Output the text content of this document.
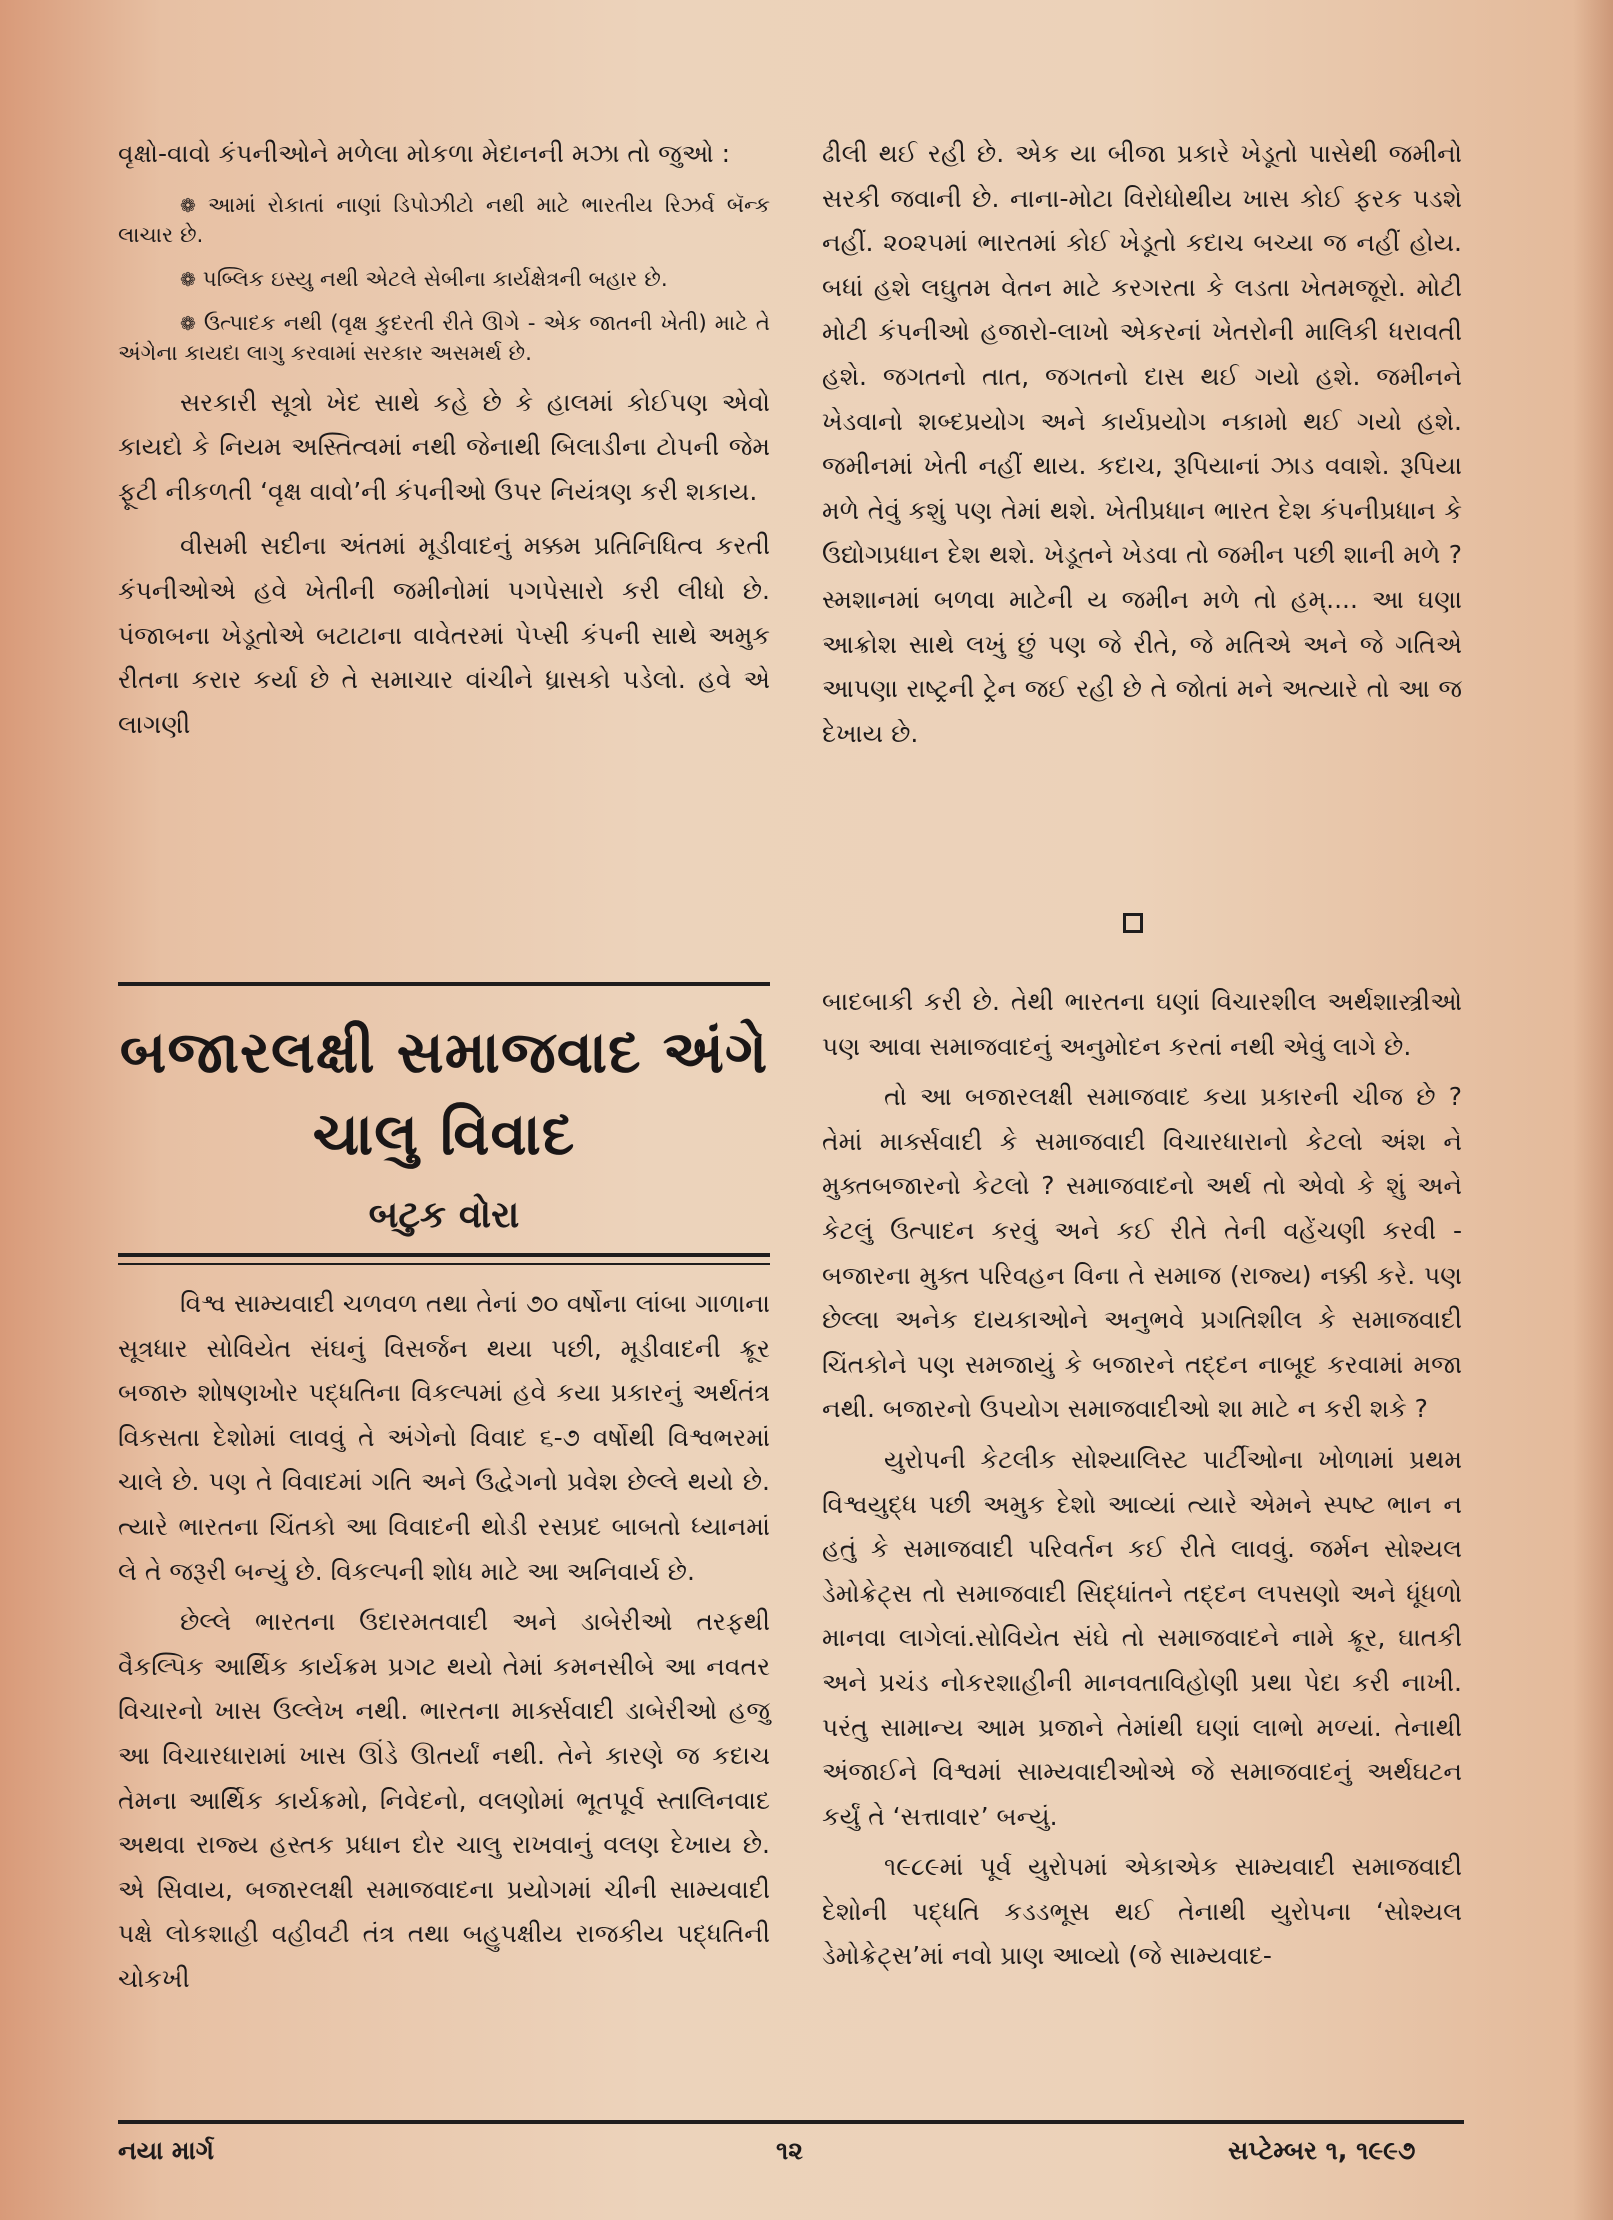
વૃક્ષો-વાવો કંપનીઓને મળેલા મોકળા મેદાનની મઝા તો જુઓ :

❁ આમાં રોકાતાં નાણાં ડિપોઝીટો નથી માટે ભારતીય રિઝર્વ બૅન્ક લાચાર છે.

❁ પબ્લિક ઇસ્યુ નથી એટલે સેબીના કાર્યક્ષેત્રની બહાર છે.

❁ ઉત્પાદક નથી (વૃક્ષ કુદરતી રીતે ઊગે - એક જાતની ખેતી) માટે તે અંગેના કાયદા લાગુ કરવામાં સરકાર અસમર્થ છે.

સરકારી સૂત્રો ખેદ સાથે કહે છે કે હાલમાં કોઈપણ એવો કાયદો કે નિયમ અસ્તિત્વમાં નથી જેનાથી બિલાડીના ટોપની જેમ ફૂટી નીકળતી ‘વૃક્ષ વાવો’ની કંપનીઓ ઉપર નિયંત્રણ કરી શકાય.

વીસમી સદીના અંતમાં મૂડીવાદનું મક્કમ પ્રતિનિધિત્વ કરતી કંપનીઓએ હવે ખેતીની જમીનોમાં પગપેસારો કરી લીધો છે. પંજાબના ખેડૂતોએ બટાટાના વાવેતરમાં પેપ્સી કંપની સાથે અમુક રીતના કરાર કર્યા છે તે સમાચાર વાંચીને ધ્રાસકો પડેલો. હવે એ લાગણી

ઢીલી થઈ રહી છે. એક યા બીજા પ્રકારે ખેડૂતો પાસેથી જમીનો સરકી જવાની છે. નાના-મોટા વિરોધોથીય ખાસ કોઈ ફરક પડશે નહીં. ૨૦૨૫માં ભારતમાં કોઈ ખેડૂતો કદાચ બચ્યા જ નહીં હોય. બધાં હશે લઘુતમ વેતન માટે કરગરતા કે લડતા ખેતમજૂરો. મોટી મોટી કંપનીઓ હજારો-લાખો એકરનાં ખેતરોની માલિકી ધરાવતી હશે. જગતનો તાત, જગતનો દાસ થઈ ગયો હશે. જમીનને ખેડવાનો શબ્દપ્રયોગ અને કાર્યપ્રયોગ નકામો થઈ ગયો હશે. જમીનમાં ખેતી નહીં થાય. કદાચ, રૂપિયાનાં ઝાડ વવાશે. રૂપિયા મળે તેવું કશું પણ તેમાં થશે. ખેતીપ્રધાન ભારત દેશ કંપનીપ્રધાન કે ઉદ્યોગપ્રધાન દેશ થશે. ખેડૂતને ખેડવા તો જમીન પછી શાની મળે ? સ્મશાનમાં બળવા માટેની ય જમીન મળે તો હમ્.... આ ઘણા આક્રોશ સાથે લખું છું પણ જે રીતે, જે મતિએ અને જે ગતિએ આપણા રાષ્ટ્રની ટ્રેન જઈ રહી છે તે જોતાં મને અત્યારે તો આ જ દેખાય છે.

બજારલક્ષી સમાજવાદ અંગે
ચાલુ વિવાદ
બટુક વોરા

વિશ્વ સામ્યવાદી ચળવળ તથા તેનાં ૭૦ વર્ષોના લાંબા ગાળાના સૂત્રધાર સોવિયેત સંઘનું વિસર્જન થયા પછી, મૂડીવાદની ક્રૂર બજારુ શોષણખોર પદ્ધતિના વિકલ્પમાં હવે કયા પ્રકારનું અર્થતંત્ર વિકસતા દેશોમાં લાવવું તે અંગેનો વિવાદ ૬-૭ વર્ષોથી વિશ્વભરમાં ચાલે છે. પણ તે વિવાદમાં ગતિ અને ઉદ્વેગનો પ્રવેશ છેલ્લે થયો છે. ત્યારે ભારતના ચિંતકો આ વિવાદની થોડી રસપ્રદ બાબતો ધ્યાનમાં લે તે જરૂરી બન્યું છે. વિકલ્પની શોધ માટે આ અનિવાર્ય છે.

છેલ્લે ભારતના ઉદારમતવાદી અને ડાબેરીઓ તરફથી વૈકલ્પિક આર્થિક કાર્યક્રમ પ્રગટ થયો તેમાં કમનસીબે આ નવતર વિચારનો ખાસ ઉલ્લેખ નથી. ભારતના માર્ક્સવાદી ડાબેરીઓ હજુ આ વિચારધારામાં ખાસ ઊંડે ઊતર્યાં નથી. તેને કારણે જ કદાચ તેમના આર્થિક કાર્યક્રમો, નિવેદનો, વલણોમાં ભૂતપૂર્વ સ્તાલિનવાદ અથવા રાજ્ય હસ્તક પ્રધાન દોર ચાલુ રાખવાનું વલણ દેખાય છે. એ સિવાય, બજારલક્ષી સમાજવાદના પ્રયોગમાં ચીની સામ્યવાદી પક્ષે લોકશાહી વહીવટી તંત્ર તથા બહુપક્ષીય રાજકીય પદ્ધતિની ચોકખી

બાદબાકી કરી છે. તેથી ભારતના ઘણાં વિચારશીલ અર્થશાસ્ત્રીઓ પણ આવા સમાજવાદનું અનુમોદન કરતાં નથી એવું લાગે છે.

તો આ બજારલક્ષી સમાજવાદ કયા પ્રકારની ચીજ છે ? તેમાં માર્ક્સવાદી કે સમાજવાદી વિચારધારાનો કેટલો અંશ ને મુક્તબજારનો કેટલો ? સમાજવાદનો અર્થ તો એવો કે શું અને કેટલું ઉત્પાદન કરવું અને કઈ રીતે તેની વહેંચણી કરવી - બજારના મુક્ત પરિવહન વિના તે સમાજ (રાજ્ય) નક્કી કરે. પણ છેલ્લા અનેક દાયકાઓને અનુભવે પ્રગતિશીલ કે સમાજવાદી ચિંતકોને પણ સમજાયું કે બજારને તદ્દન નાબૂદ કરવામાં મજા નથી. બજારનો ઉપયોગ સમાજવાદીઓ શા માટે ન કરી શકે ?

યુરોપની કેટલીક સોશ્યાલિસ્ટ પાર્ટીઓના ખોળામાં પ્રથમ વિશ્વયુદ્ધ પછી અમુક દેશો આવ્યાં ત્યારે એમને સ્પષ્ટ ભાન ન હતું કે સમાજવાદી પરિવર્તન કઈ રીતે લાવવું. જર્મન સોશ્યલ ડેમોક્રેટ્સ તો સમાજવાદી સિદ્ધાંતને તદ્દન લપસણો અને ધૂંધળો માનવા લાગેલાં.સોવિયેત સંઘે તો સમાજવાદને નામે ક્રૂર, ઘાતકી અને પ્રચંડ નોકરશાહીની માનવતાવિહોણી પ્રથા પેદા કરી નાખી. પરંતુ સામાન્ય આમ પ્રજાને તેમાંથી ઘણાં લાભો મળ્યાં. તેનાથી અંજાઈને વિશ્વમાં સામ્યવાદીઓએ જે સમાજવાદનું અર્થઘટન કર્યું તે ‘સત્તાવાર’ બન્યું.

૧૯૮૯માં પૂર્વ યુરોપમાં એકાએક સામ્યવાદી સમાજવાદી દેશોની પદ્ધતિ કડડભૂસ થઈ તેનાથી યુરોપના ‘સોશ્યલ ડેમોક્રેટ્સ’માં નવો પ્રાણ આવ્યો (જે સામ્યવાદ-

નયા માર્ગ	૧૨	સપ્ટેમ્બર ૧, ૧૯૯૭
